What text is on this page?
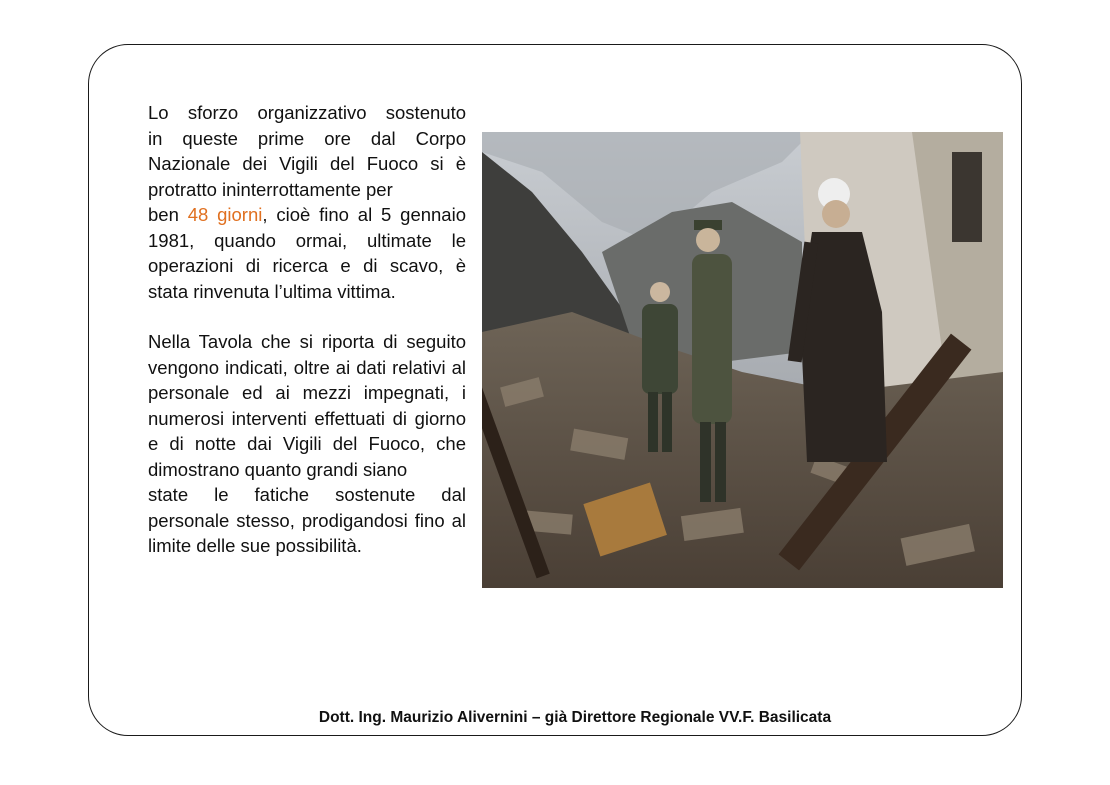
Lo sforzo organizzativo sostenuto
in queste prime ore dal Corpo
Nazionale dei Vigili del Fuoco si è
protratto ininterrottamente per
ben 48 giorni, cioè fino al 5 gennaio 1981, quando ormai, ultimate le operazioni di ricerca e di scavo, è stata rinvenuta l’ultima vittima.

Nella Tavola che si riporta di seguito vengono indicati, oltre ai dati relativi al personale ed ai mezzi impegnati, i numerosi interventi effettuati di giorno e di notte dai Vigili del Fuoco, che dimostrano quanto grandi siano
state le fatiche sostenute dal personale stesso, prodigandosi fino al limite delle sue possibilità.

Dott. Ing. Maurizio Alivernini – già Direttore Regionale VV.F. Basilicata
